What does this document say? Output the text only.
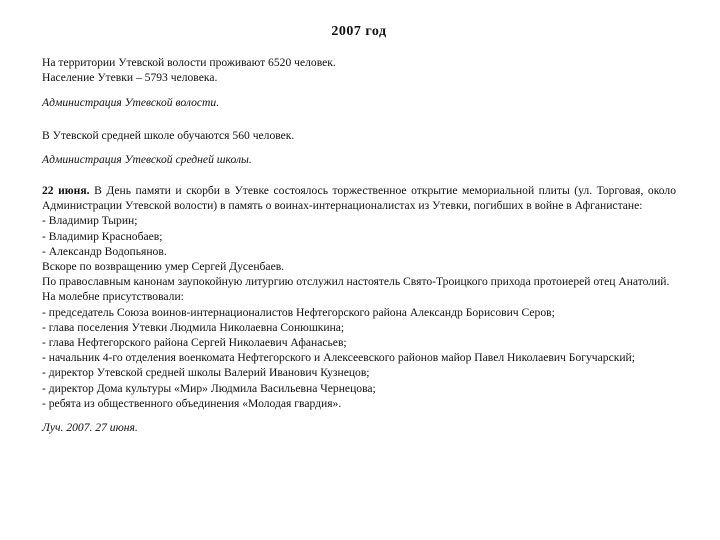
2007 год

На территории Утевской волости проживают 6520 человек.

Население Утевки – 5793 человека.

Администрация Утевской волости.

В Утевской средней школе обучаются 560 человек.

Администрация Утевской средней школы.

22 июня. В День памяти и скорби в Утевке состоялось торжественное открытие мемориальной плиты (ул. Торговая, около Администрации Утевской волости) в память о воинах-интернационалистах из Утевки, погибших в войне в Афганистане:

- Владимир Тырин;
- Владимир Краснобаев;
- Александр Водопьянов.

Вскоре по возвращению умер Сергей Дусенбаев.

По православным канонам заупокойную литургию отслужил настоятель Свято-Троицкого прихода протоиерей отец Анатолий.

На молебне присутствовали:

- председатель Союза воинов-интернационалистов Нефтегорского района Александр Борисович Серов;
- глава поселения Утевки Людмила Николаевна Сонюшкина;
- глава Нефтегорского района Сергей Николаевич Афанасьев;
- начальник 4-го отделения военкомата Нефтегорского и Алексеевского районов майор Павел Николаевич Богучарский;
- директор Утевской средней школы Валерий Иванович Кузнецов;
- директор Дома культуры «Мир» Людмила Васильевна Чернецова;
- ребята из общественного объединения «Молодая гвардия».

Луч. 2007. 27 июня.
